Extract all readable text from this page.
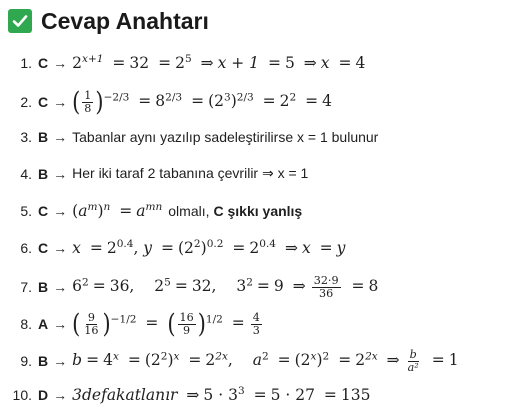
Cevap Anahtarı
1. $C \to 2^{x+1} = 32 = 2^5$ ⇒ x + 1 = 5 ⇒ x = 4
2. C → ( $\frac{1}{8} )^{-2/3} = 8^{2/3} = (2^3)^{2/3} = 2^2 = 4$
3. B → Tabanlar aynı yazılıp sadeleştirilirse x = 1 bulunur
4. B → Her iki taraf 2 tabanına çevrilir ⇒ x = 1
5. $C \to (a^m)^n = a^{mn}$ olmalı, C şıkkı yanlış
6. $C \to x = 2^{0.4}$, $y = (2^2)^{0.2} = 2^{0.4}$ ⇒ x = y
7. $B \to 6^2 = 36$, $2^5 = 32$, $3^2 = 9$ ⇒ $\frac{32\cdot 9}{36} = 8$
8. A → ( $\frac{9}{16} )^{-1/2}$ = ( $\frac{16}{9} )^{1/2} = \frac{4}{3}$
9. $B \to b = 4^x = (2^2)^x = 2^{2x}$,  $a^2 = (2^x)^2 = 2^{2x}$ ⇒ $\frac{b}{\text{a²}} = 1$
10. D → 3defakatlanır ⇒ $5 \cdot 3^3 = 5 \cdot 27 = 135$
